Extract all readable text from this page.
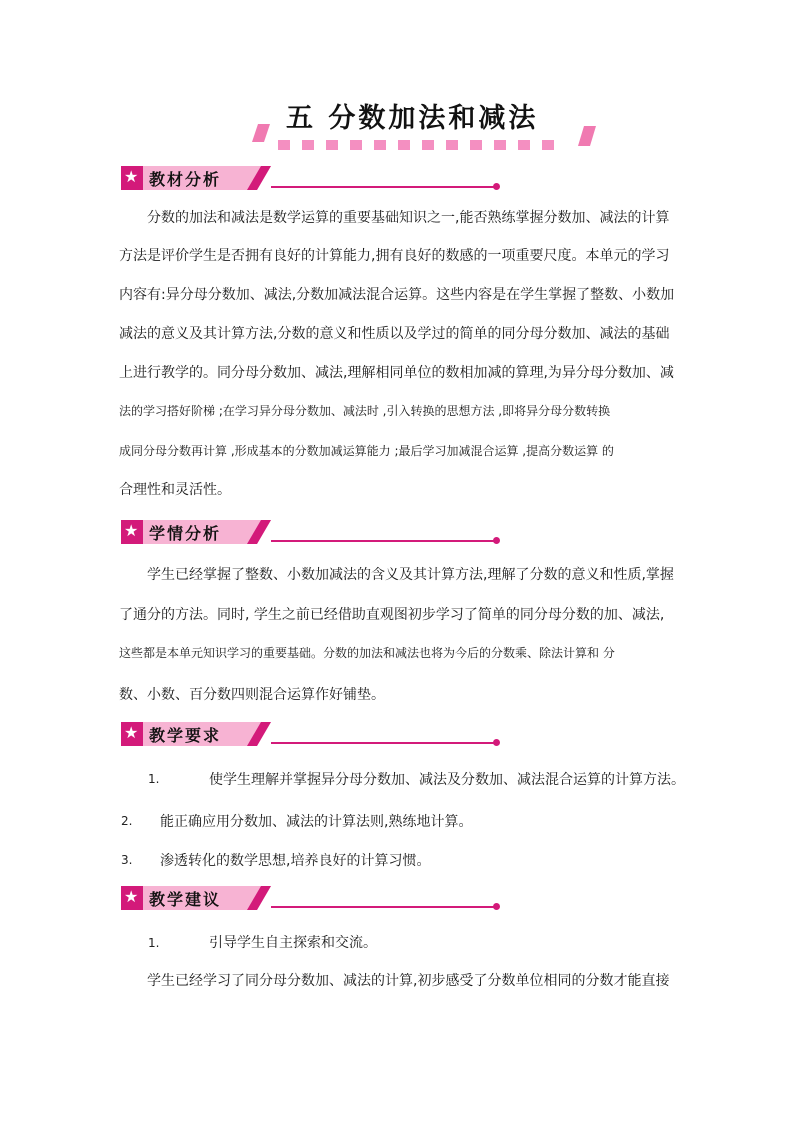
五 分数加法和减法
★ 教材分析
分数的加法和减法是数学运算的重要基础知识之一,能否熟练掌握分数加、减法的计算
方法是评价学生是否拥有良好的计算能力,拥有良好的数感的一项重要尺度。本单元的学习
内容有:异分母分数加、减法,分数加减法混合运算。这些内容是在学生掌握了整数、小数加
减法的意义及其计算方法,分数的意义和性质以及学过的简单的同分母分数加、减法的基础
上进行教学的。同分母分数加、减法,理解相同单位的数相加减的算理,为异分母分数加、减
法的学习搭好阶梯 ;在学习异分母分数加、减法时 ,引入转换的思想方法 ,即将异分母分数转换
成同分母分数再计算 ,形成基本的分数加减运算能力 ;最后学习加减混合运算 ,提高分数运算 的
合理性和灵活性。
★ 学情分析
学生已经掌握了整数、小数加减法的含义及其计算方法,理解了分数的意义和性质,掌握
了通分的方法。同时, 学生之前已经借助直观图初步学习了简单的同分母分数的加、减法,
这些都是本单元知识学习的重要基础。分数的加法和减法也将为今后的分数乘、除法计算和 分
数、小数、百分数四则混合运算作好铺垫。
★ 教学要求
1.	使学生理解并掌握异分母分数加、减法及分数加、减法混合运算的计算方法。
2. 能正确应用分数加、减法的计算法则,熟练地计算。
3. 渗透转化的数学思想,培养良好的计算习惯。
★ 教学建议
1.	引导学生自主探索和交流。
学生已经学习了同分母分数加、减法的计算,初步感受了分数单位相同的分数才能直接
